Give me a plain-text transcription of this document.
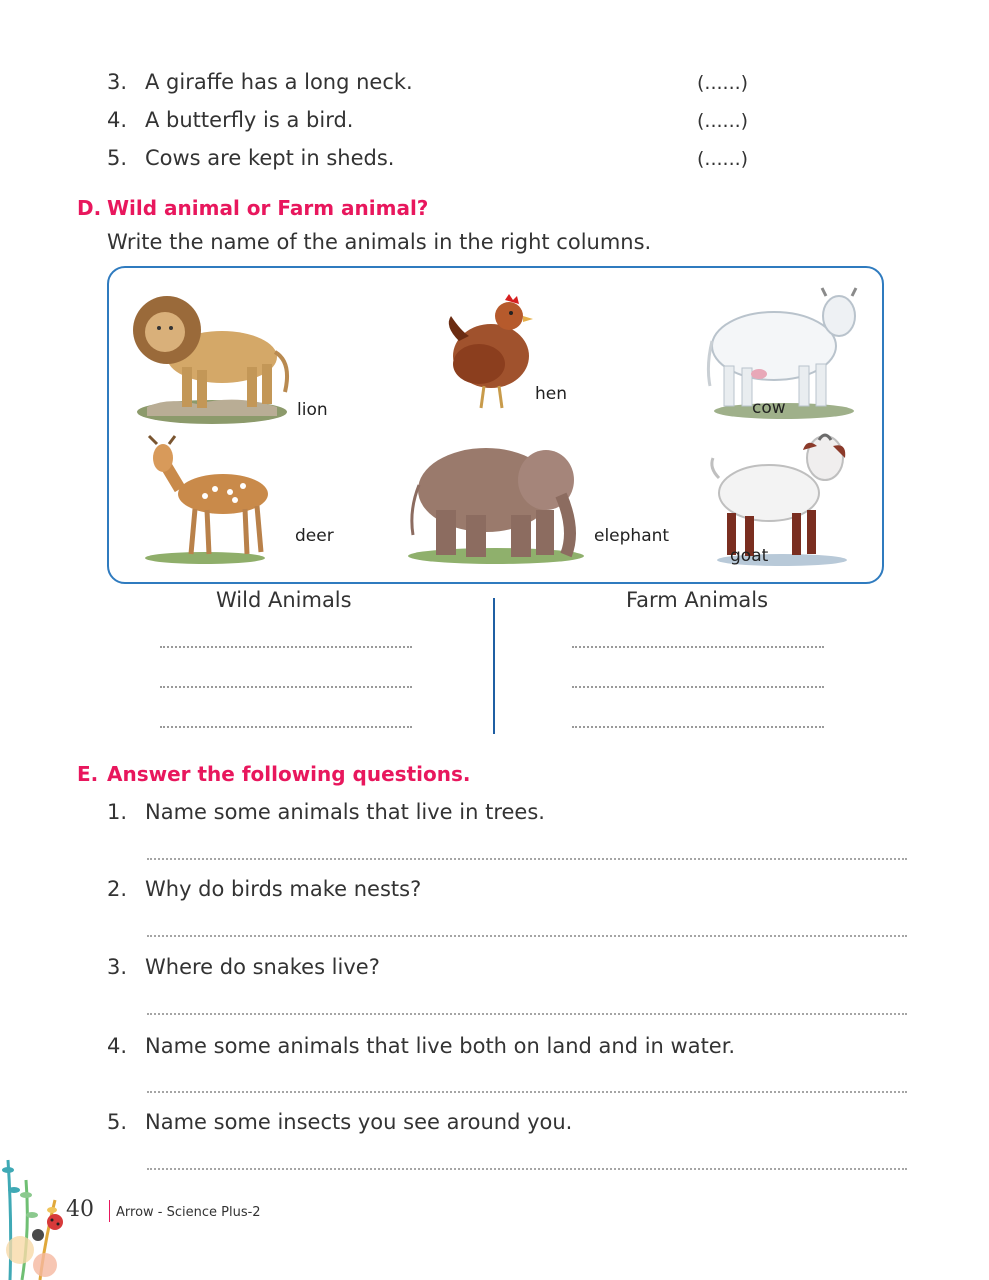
3. A giraffe has a long neck.	(......)
4. A butterfly is a bird.	(......)
5. Cows are kept in sheds.	(......)
D. Wild animal or Farm animal?
Write the name of the animals in the right columns.
lion
hen
cow
deer	elephant
goat
Wild Animals	Farm Animals
E. Answer the following questions.
1. Name some animals that live in trees.
2. Why do birds make nests?
3. Where do snakes live?
4. Name some animals that live both on land and in water.
5. Name some insects you see around you.
40 Arrow - Science Plus-2
